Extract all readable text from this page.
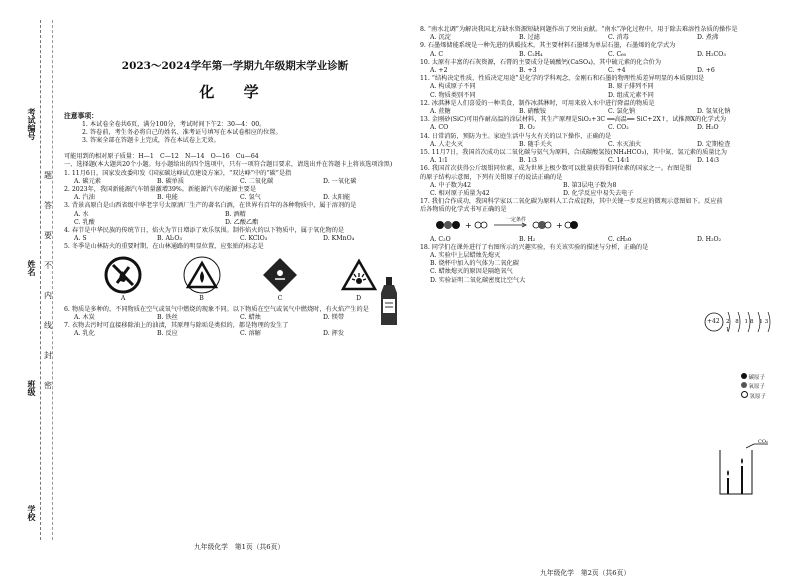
考试编号
姓名
班级
学校
题
答
要
不
内
线
封
密
2023～2024学年第一学期九年级期末学业诊断
化 学
注意事项：
1. 本试卷全卷共6页，满分100分，考试时间下午2：30—4：00。
2. 答卷前，考生务必将自己的姓名、准考证号填写在本试卷相应的位置。
3. 答案全部在答题卡上完成，答在本试卷上无效。
可能用到的相对原子质量：H—1　C—12　N—14　O—16　Cu—64
一、选择题(本大题共20个小题。每小题给出的四个选项中，只有一项符合题目要求，请选出并在答题卡上将该选项涂黑)
1. 11月6日，国家发改委印发《国家碳达峰试点建设方案》，“双达峰”中的“碳”是指
A. 碳元素	B. 碳单质	C. 二氧化碳	D. 一氧化碳
2. 2023年，我国新能源汽车销量激增39%。新能源汽车的能源主要是
A. 汽油	B. 电能	C. 氢气	D. 太阳能
3. 背景高原白是山西省级中华老字号太原酒厂生产的著名白酒，在世界有百年的各种物质中，属于溶剂的是
A. 水	B. 酒精
C. 乳酸	D. 乙酸乙酯
4. 春节是中华民族的传统节日，焰火为节日增添了欢乐氛围。制作焰火的以下物质中，属于氧化物的是
A. S	B. Al₂O₃	C. KClO₃	D. KMnO₄
5. 冬季是山林防火的重要时期，在山林通路的明显位置，应张贴的标志是
A	B	C	D
6. 物质是多种的，不同物质在空气或氧气中燃烧的现象不同。以下物质在空气或氧气中燃烧时，有火焰产生的是
A. 木炭	B. 铁丝	C. 蜡烛	D. 镁带
7. 衣物去污时可直接移除油上的油渍，其原理与除垢是类似的，都是物理的发生了
A. 乳化	B. 反应	C. 溶解	D. 挥发
九年级化学　第1页（共6页）
8. “南水北调”为解决我国北方缺水资源短缺问题作出了突出贡献。“南水”净化过程中，用于除去难溶性杂质的操作是
A. 沉淀	B. 过滤	C. 消毒	D. 煮沸
9. 石墨烯储能系统是一种先进的供暖技术，其主要材料石墨烯为单层石墨，石墨烯的化学式为
A. C	B. C₂H₄	C. C₆₀	D. H₂CO₃
10. 太原有丰富的石灰资源，石膏的主要成分是硫酸钙(CaSO₄)，其中硫元素的化合价为
A. +2	B. +3	C. +4	D. +6
11. “结构决定性质，性质决定用途”是化学的学科观念，金刚石和石墨的物理性质差异明显的本质原因是
A. 构成原子不同	B. 原子排列不同
C. 物质类别不同	D. 组成元素不同
12. 冰淇淋是人们喜爱的一种美食，制作冰淇淋时，可用来放入水中进行降温的物质是
A. 蔗糖	B. 硝酸铵	C. 氯化钠	D. 氢氧化钠
13. 金刚砂(SiC)可用作耐高温的涂层材料，其生产原理是SiO₂+3C ══高温══ SiC+2X↑，试推测X的化学式为
A. CO	B. O₂	C. CO₂	D. H₂O
14. 日常消防，预防为主。家庭生活中与火有关的以下操作，正确的是
A. 人走火灭	B. 随手关火	C. 水灭油火	D. 定期检查
15. 11月7日，我国首次成功以二氧化碳与氨气为原料，合成碳酸氢铵(NH₄HCO₃)，其中氮、氢元素的质量比为
A. 1∶1	B. 1∶3	C. 14∶1	D. 14∶3
16. 我国首次获得公斤级钼同位素，成为世界上极少数可以批量获得钼同位素的国家之一。右图是钼的原子结构示意图，下列有关钼原子的说法正确的是
A. 中子数为42	B. 第3层电子数为8
C. 相对原子质量为42	D. 化学反应中易失去电子
17. 我们合作成功，我国科学家以二氧化碳为原料人工合成淀粉，其中关键一步反应的微观示意图如下。反应前后各物质的化学式书写正确的是
+	+
一定条件
A. C₂O	B. H₂	C. cH₃o	D. H₂O₂
18. 同学们在课外进行了右图所示的兴趣实验，有关该实验的描述与分析，正确的是
A. 实验中上层蜡烛先熄灭
B. 烧杯中加入的气体为二氧化碳
C. 蜡烛熄灭的原因是隔绝氧气
D. 实验证明二氧化碳密度比空气大
+42 2 8 18 13 1
碳原子
氧原子
氢原子
CO₂
九年级化学　第2页（共6页）
